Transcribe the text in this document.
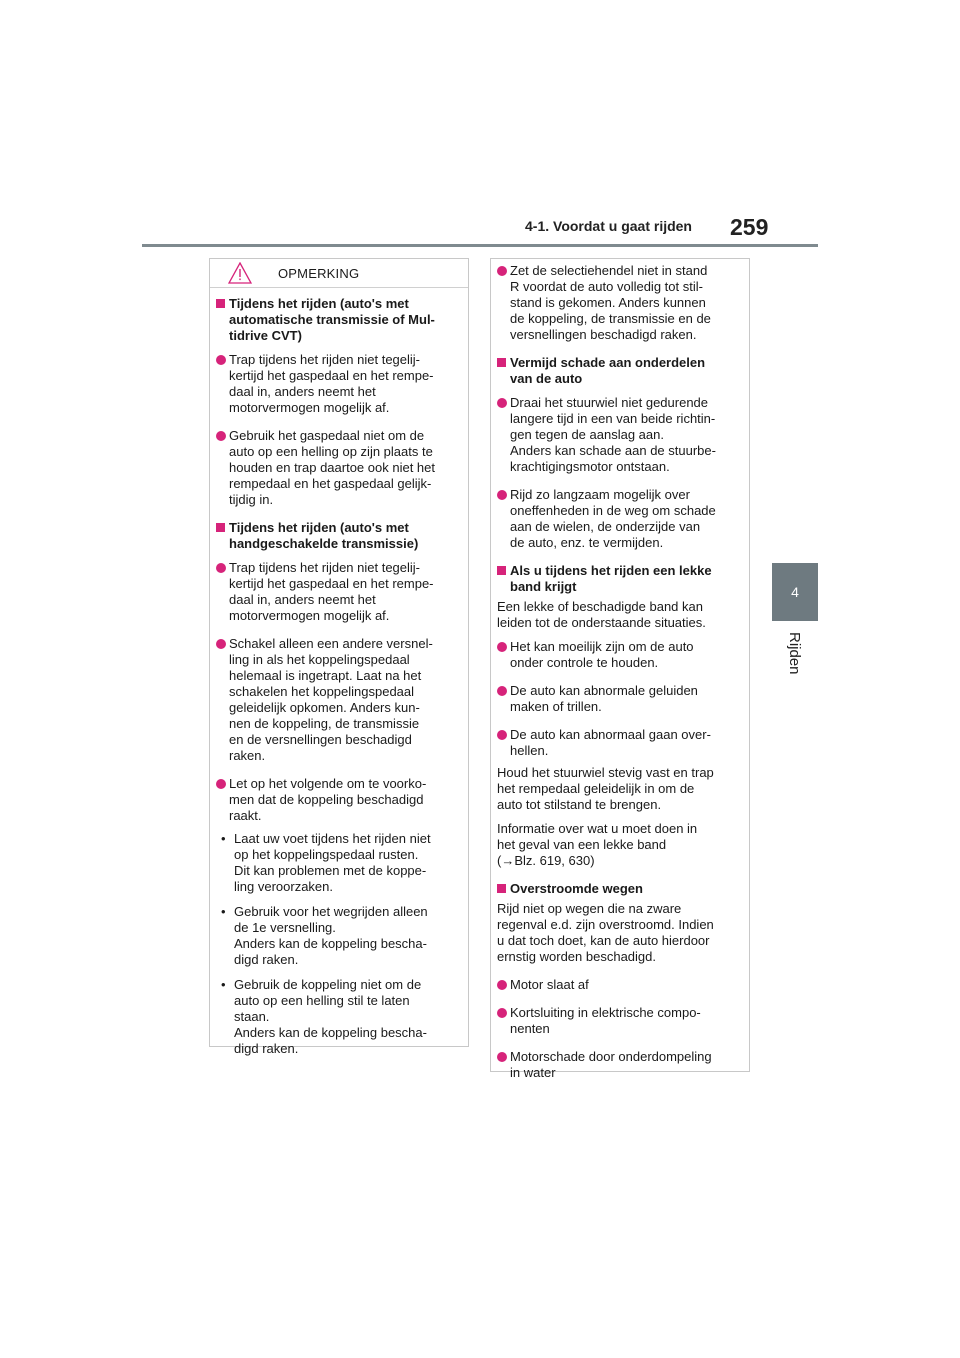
4-1. Voordat u gaat rijden	259
4
Rijden
OPMERKING
Tijdens het rijden (auto's met
automatische transmissie of Mul-
tidrive CVT)
Trap tijdens het rijden niet tegelij-
kertijd het gaspedaal en het rempe-
daal in, anders neemt het
motorvermogen mogelijk af.
Gebruik het gaspedaal niet om de
auto op een helling op zijn plaats te
houden en trap daartoe ook niet het
rempedaal en het gaspedaal gelijk-
tijdig in.
Tijdens het rijden (auto's met
handgeschakelde transmissie)
Trap tijdens het rijden niet tegelij-
kertijd het gaspedaal en het rempe-
daal in, anders neemt het
motorvermogen mogelijk af.
Schakel alleen een andere versnel-
ling in als het koppelingspedaal
helemaal is ingetrapt. Laat na het
schakelen het koppelingspedaal
geleidelijk opkomen. Anders kun-
nen de koppeling, de transmissie
en de versnellingen beschadigd
raken.
Let op het volgende om te voorko-
men dat de koppeling beschadigd
raakt.
• Laat uw voet tijdens het rijden niet
op het koppelingspedaal rusten.
Dit kan problemen met de koppe-
ling veroorzaken.
• Gebruik voor het wegrijden alleen
de 1e versnelling.
Anders kan de koppeling bescha-
digd raken.
• Gebruik de koppeling niet om de
auto op een helling stil te laten
staan.
Anders kan de koppeling bescha-
digd raken.
Zet de selectiehendel niet in stand
R voordat de auto volledig tot stil-
stand is gekomen. Anders kunnen
de koppeling, de transmissie en de
versnellingen beschadigd raken.
Vermijd schade aan onderdelen
van de auto
Draai het stuurwiel niet gedurende
langere tijd in een van beide richtin-
gen tegen de aanslag aan.
Anders kan schade aan de stuurbe-
krachtigingsmotor ontstaan.
Rijd zo langzaam mogelijk over
oneffenheden in de weg om schade
aan de wielen, de onderzijde van
de auto, enz. te vermijden.
Als u tijdens het rijden een lekke
band krijgt
Een lekke of beschadigde band kan
leiden tot de onderstaande situaties.
Het kan moeilijk zijn om de auto
onder controle te houden.
De auto kan abnormale geluiden
maken of trillen.
De auto kan abnormaal gaan over-
hellen.
Houd het stuurwiel stevig vast en trap
het rempedaal geleidelijk in om de
auto tot stilstand te brengen.
Informatie over wat u moet doen in
het geval van een lekke band
(→Blz. 619, 630)
Overstroomde wegen
Rijd niet op wegen die na zware
regenval e.d. zijn overstroomd. Indien
u dat toch doet, kan de auto hierdoor
ernstig worden beschadigd.
Motor slaat af
Kortsluiting in elektrische compo-
nenten
Motorschade door onderdompeling
in water
